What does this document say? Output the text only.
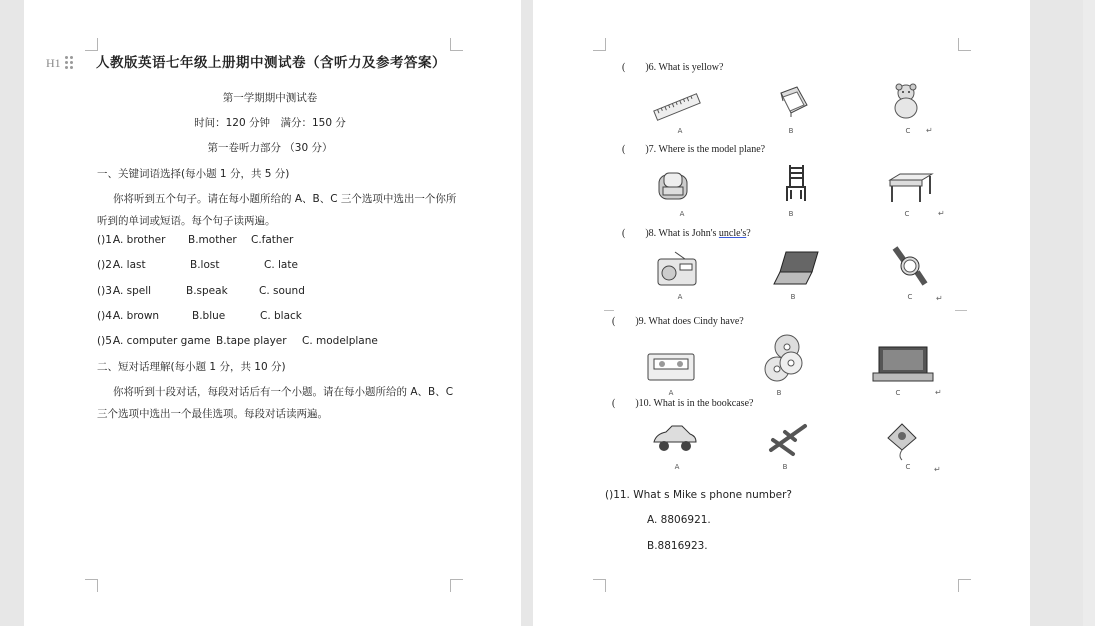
H1	人教版英语七年级上册期中测试卷（含听力及参考答案）
第一学期期中测试卷
时间：120 分钟　满分：150 分
第一卷听力部分 （30 分）
一、关键词语选择(每小题 1 分，共 5 分)
你将听到五个句子。请在每小题所给的 A、B、C 三个选项中选出一个你所
听到的单词或短语。每个句子读两遍。
()1.
A. brother B.mother C.father
()2.
A. last	B.lost	C. late
()3.
A. spell	B.speak	C. sound
()4.
A. brown	B.blue	C. black
()5.
A. computer game B.tape player C. modelplane
二、短对话理解(每小题 1 分，共 10 分)
你将听到十段对话，每段对话后有一个小题。请在每小题所给的 A、B、C
三个选项中选出一个最佳选项。每段对话读两遍。
(　　)6. What is yellow?
A	B	C	↵
(　　)7. Where is the model plane?
A	B	C	↵
(　　)8. What is John's uncle's?
A	B	C	↵
(　　)9. What does Cindy have?
A	B	C	↵
(　　)10. What is in the bookcase?
A	B	C	↵
()11. What s Mike s phone number?
A. 8806921.
B.8816923.
